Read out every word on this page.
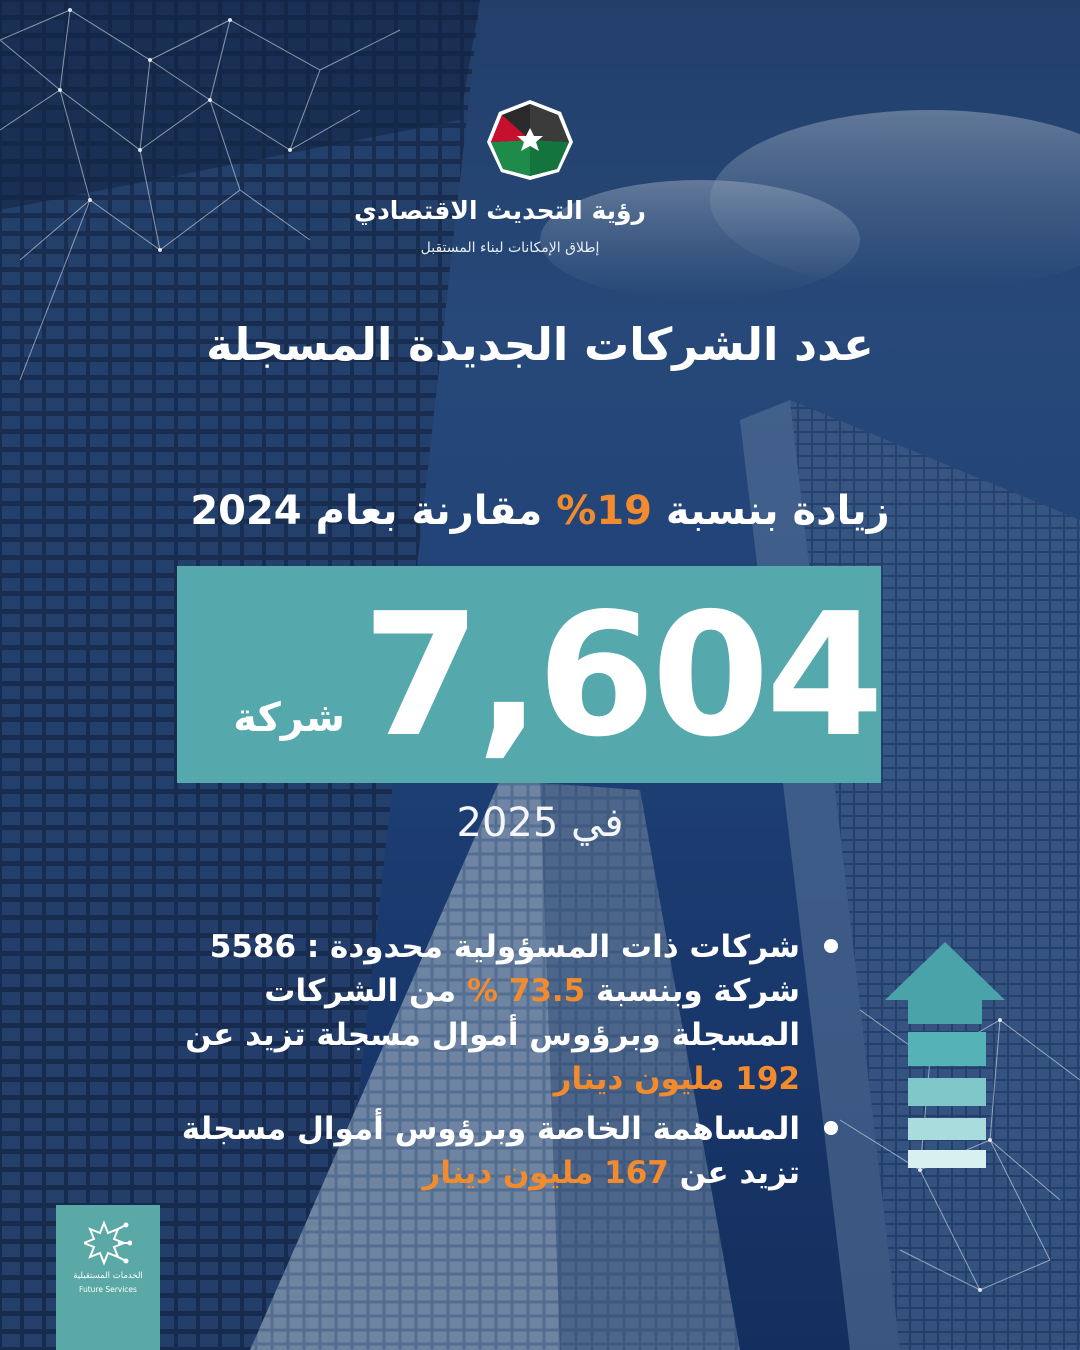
رؤية التحديث الاقتصادي
إطلاق الإمكانات لبناء المستقبل
عدد الشركات الجديدة المسجلة
زيادة بنسبة 19% مقارنة بعام 2024
7,604
شركة
في 2025
شركات ذات المسؤولية محدودة : 5586 شركة وبنسبة 73.5 % من الشركات المسجلة وبرؤوس أموال مسجلة تزيد عن 192 مليون دينار
المساهمة الخاصة وبرؤوس أموال مسجلة تزيد عن 167 مليون دينار
الخدمات المستقبلية
Future Services
